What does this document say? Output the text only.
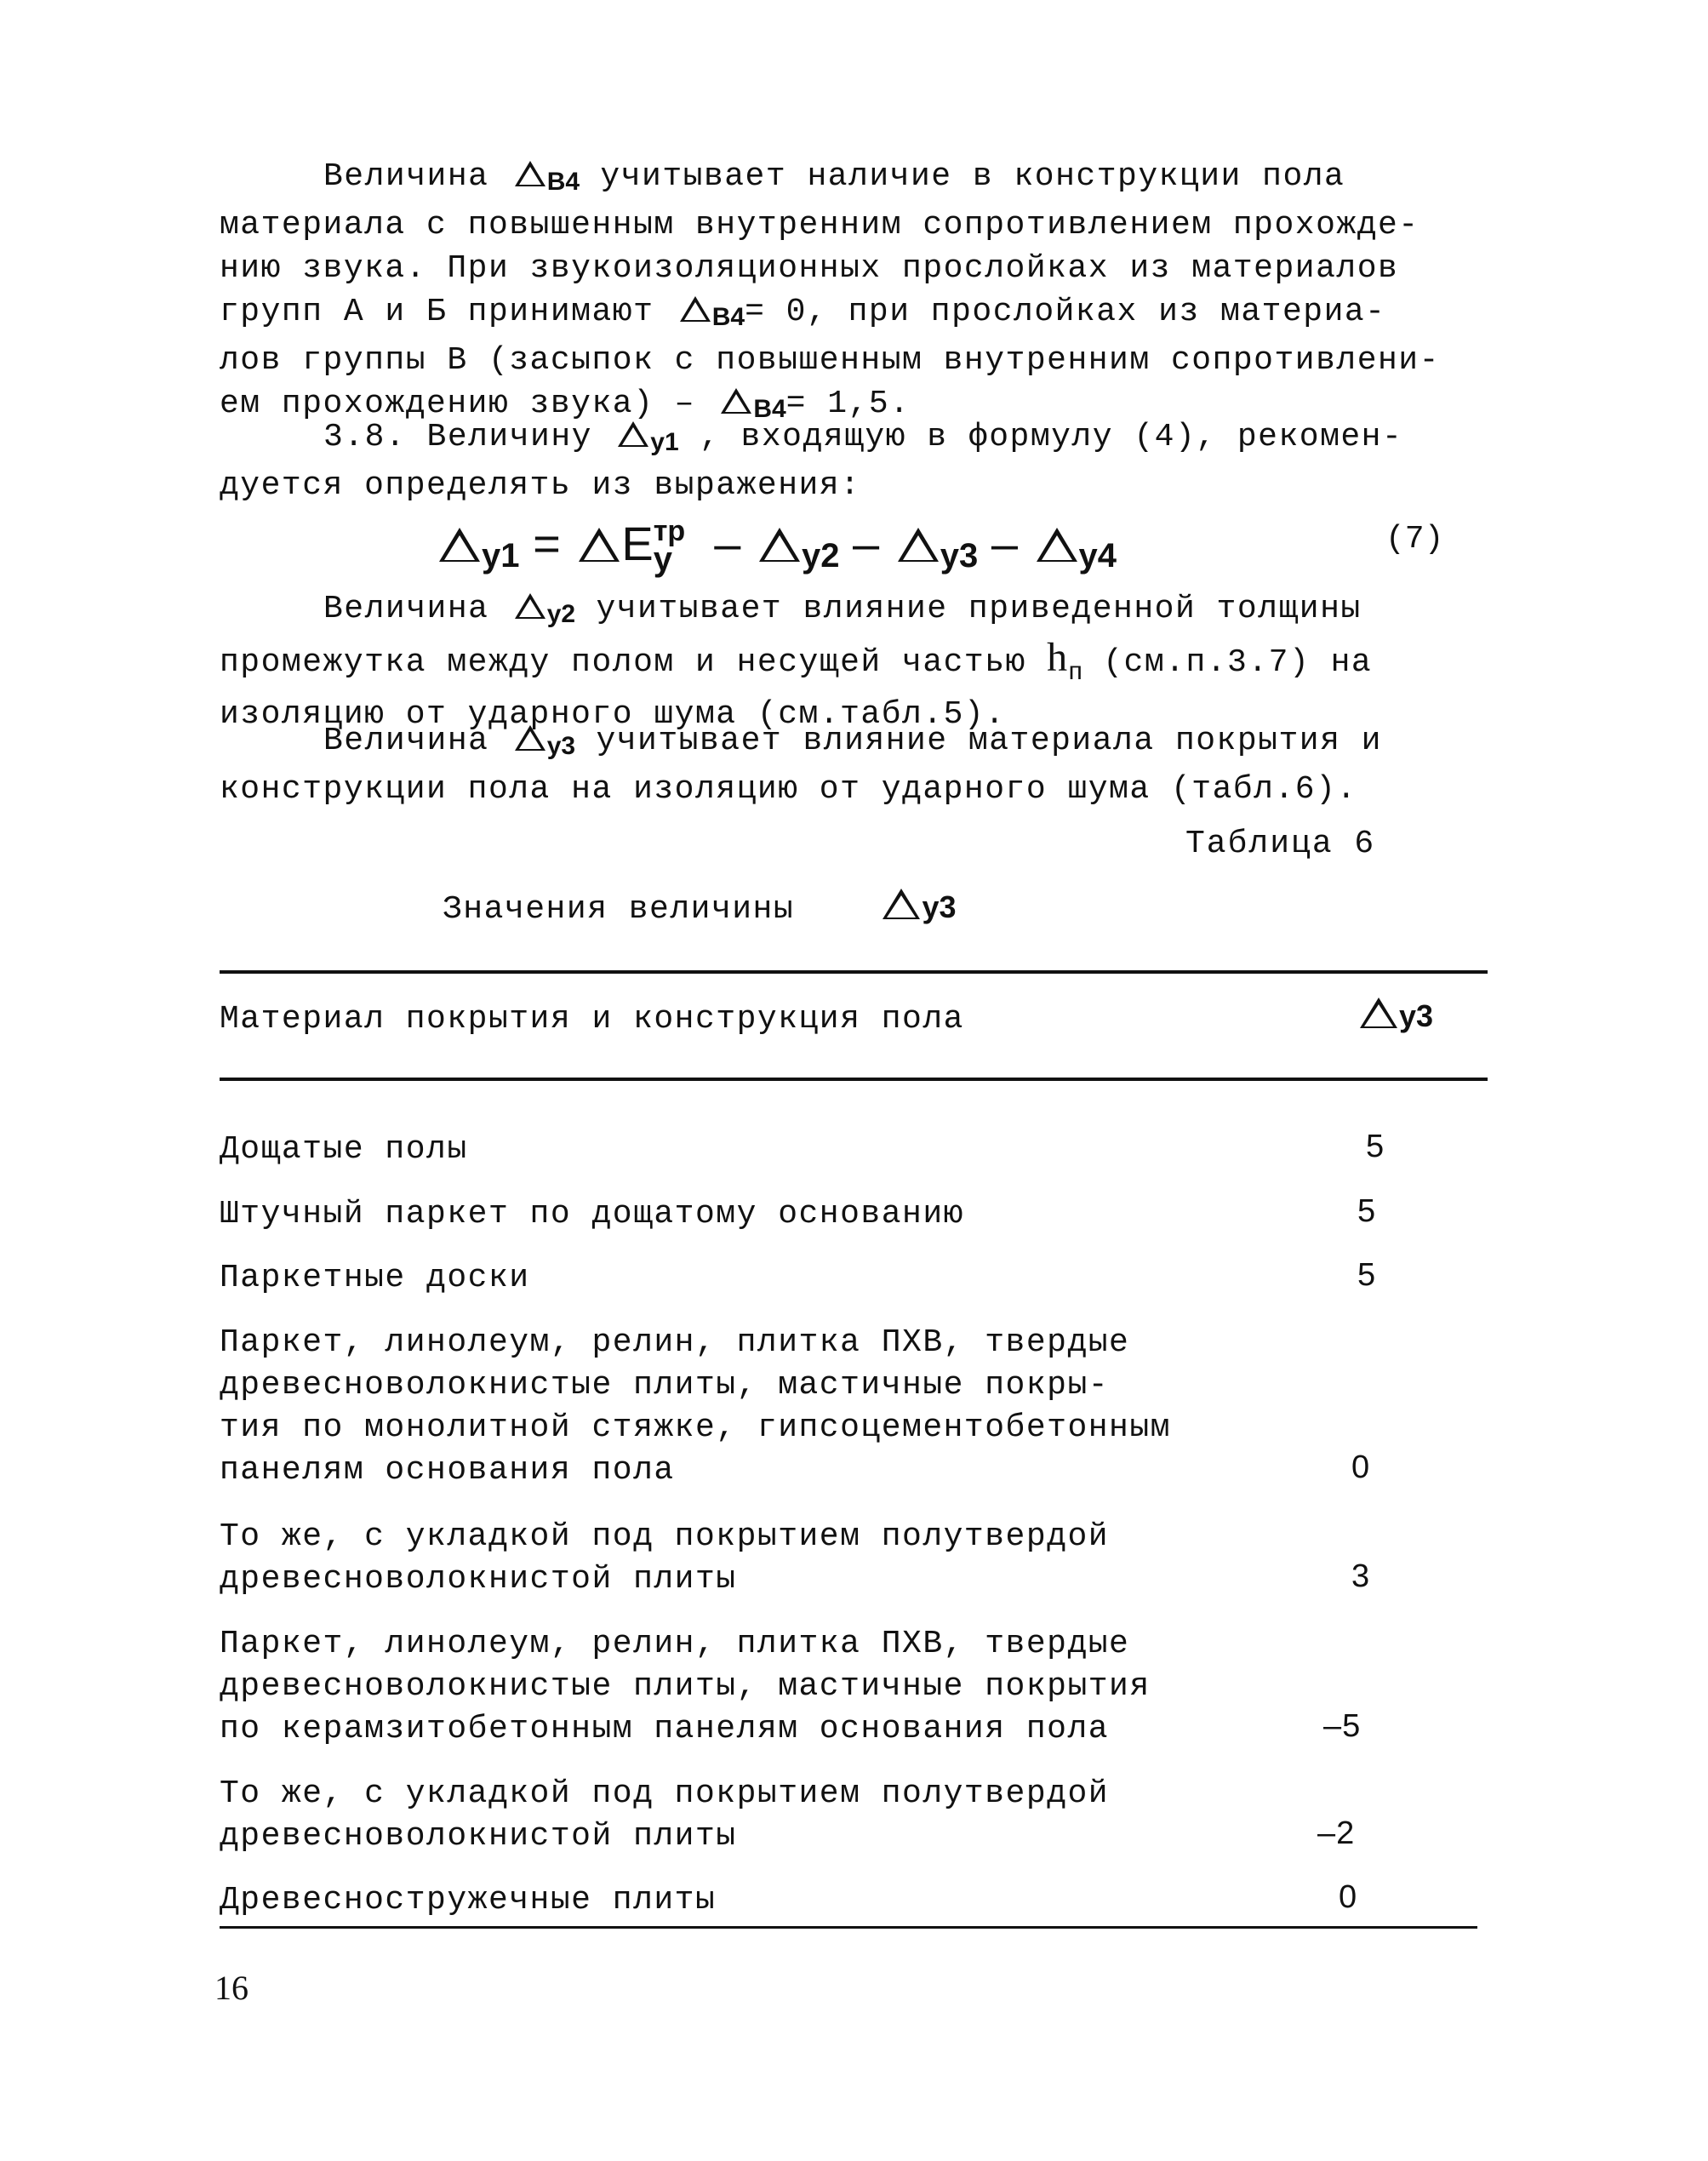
Величина $_{В4}$ учитывает наличие в конструкции пола
материала с повышенным внутренним сопротивлением прохожде-
нию звука. При звукоизоляционных прослойках из материалов
групп А и Б принимают $_{В4}$= 0, при прослойках из материа-
лов группы В (засыпок с повышенным внутренним сопротивлени-
ем прохождению звука) – $_{В4}$= 1,5.

3.8. Величину $_{у1}$ , входящую в формулу (4), рекомен-
дуется определять из выражения:

$_{у1}$ = E тр
у – $_{у2}$ – $_{у3}$ – $_{у4}$	(7)

Величина $_{у2}$ учитывает влияние приведенной толщины
промежутка между полом и несущей частью $h_п$ (см.п.3.7) на
изоляцию от ударного шума (см.табл.5).

Величина $_{у3}$ учитывает влияние материала покрытия и
конструкции пола на изоляцию от ударного шума (табл.6).

Таблица 6
Значения величины	у3
Материал покрытия и конструкция пола	у3
Дощатые полы	5
Штучный паркет по дощатому основанию	5
Паркетные доски	5
Паркет, линолеум, релин, плитка ПХВ, твердые
древесноволокнистые плиты, мастичные покры-
тия по монолитной стяжке, гипсоцементобетонным
панелям основания пола	0
То же, с укладкой под покрытием полутвердой
древесноволокнистой плиты	3
Паркет, линолеум, релин, плитка ПХВ, твердые
древесноволокнистые плиты, мастичные покрытия
по керамзитобетонным панелям основания пола	–5
То же, с укладкой под покрытием полутвердой
древесноволокнистой плиты	–2
Древесностружечные плиты	0
16
